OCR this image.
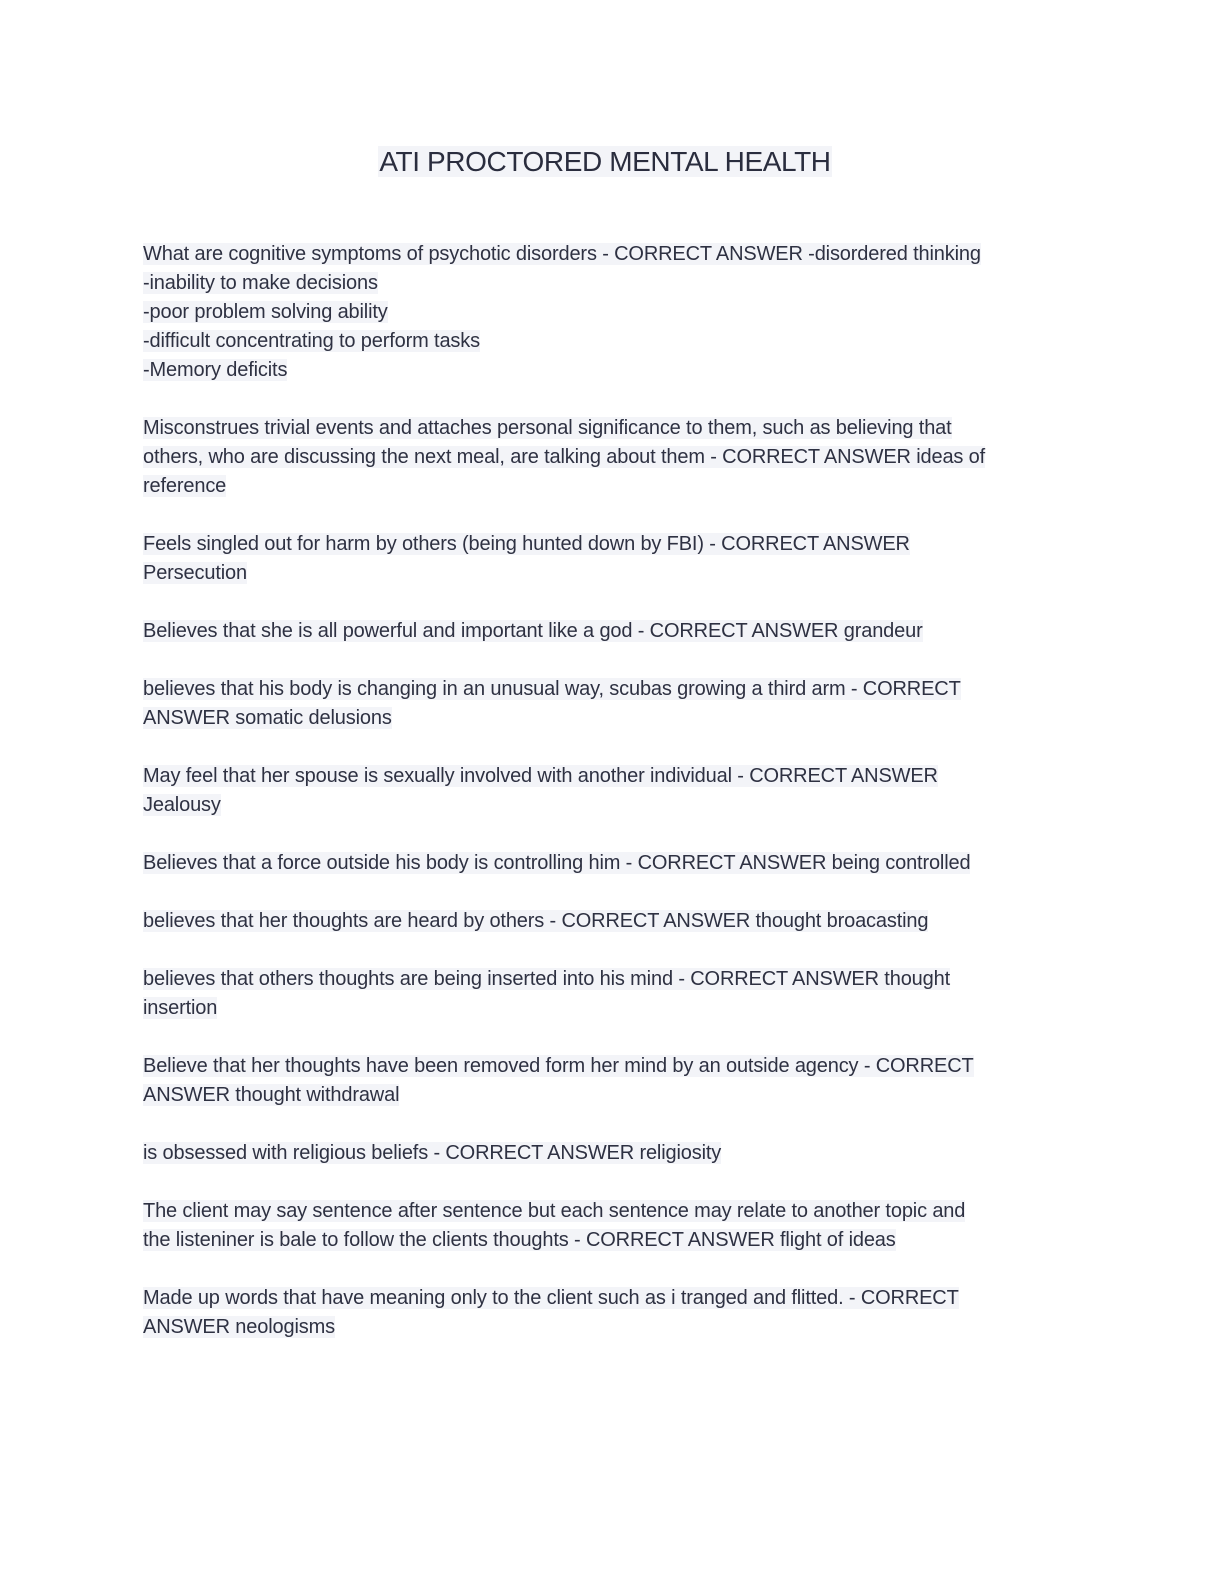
ATI PROCTORED MENTAL HEALTH
What are cognitive symptoms of psychotic disorders - CORRECT ANSWER -disordered thinking
-inability to make decisions
-poor problem solving ability
-difficult concentrating to perform tasks
-Memory deficits
Misconstrues trivial events and attaches personal significance to them, such as believing that
others, who are discussing the next meal, are talking about them - CORRECT ANSWER ideas of
reference
Feels singled out for harm by others (being hunted down by FBI) - CORRECT ANSWER
Persecution
Believes that she is all powerful and important like a god - CORRECT ANSWER grandeur
believes that his body is changing in an unusual way, scubas growing a third arm - CORRECT
ANSWER somatic delusions
May feel that her spouse is sexually involved with another individual - CORRECT ANSWER
Jealousy
Believes that a force outside his body is controlling him - CORRECT ANSWER being controlled
believes that her thoughts are heard by others - CORRECT ANSWER thought broacasting
believes that others thoughts are being inserted into his mind - CORRECT ANSWER thought
insertion
Believe that her thoughts have been removed form her mind by an outside agency - CORRECT
ANSWER thought withdrawal
is obsessed with religious beliefs - CORRECT ANSWER religiosity
The client may say sentence after sentence but each sentence may relate to another topic and
the listeniner is bale to follow the clients thoughts - CORRECT ANSWER flight of ideas
Made up words that have meaning only to the client such as i tranged and flitted. - CORRECT
ANSWER neologisms
